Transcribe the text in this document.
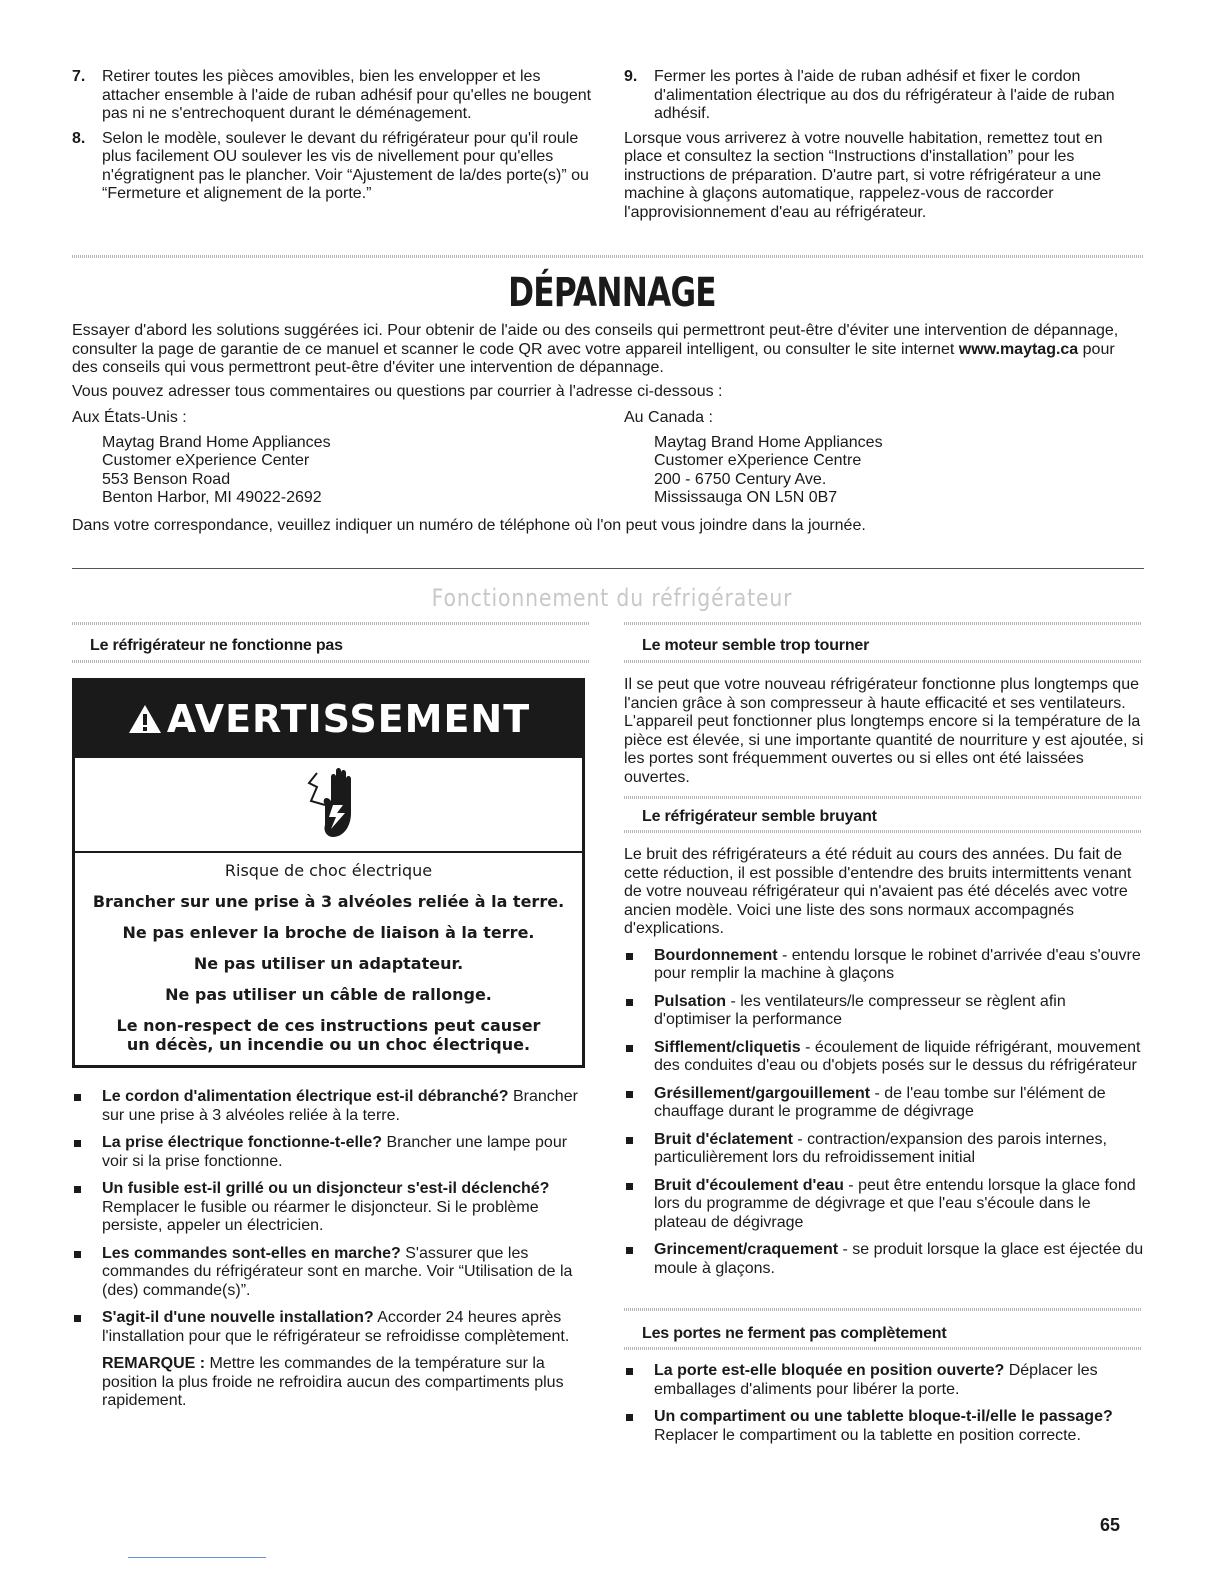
7. Retirer toutes les pièces amovibles, bien les envelopper et les attacher ensemble à l'aide de ruban adhésif pour qu'elles ne bougent pas ni ne s'entrechoquent durant le déménagement.

8. Selon le modèle, soulever le devant du réfrigérateur pour qu'il roule plus facilement OU soulever les vis de nivellement pour qu'elles n'égratignent pas le plancher. Voir “Ajustement de la/des porte(s)” ou “Fermeture et alignement de la porte.”

9. Fermer les portes à l'aide de ruban adhésif et fixer le cordon d'alimentation électrique au dos du réfrigérateur à l'aide de ruban adhésif.

Lorsque vous arriverez à votre nouvelle habitation, remettez tout en place et consultez la section “Instructions d'installation” pour les instructions de préparation. D'autre part, si votre réfrigérateur a une machine à glaçons automatique, rappelez-vous de raccorder l'approvisionnement d'eau au réfrigérateur.

DÉPANNAGE

Essayer d'abord les solutions suggérées ici. Pour obtenir de l'aide ou des conseils qui permettront peut-être d'éviter une intervention de dépannage, consulter la page de garantie de ce manuel et scanner le code QR avec votre appareil intelligent, ou consulter le site internet www.maytag.ca pour des conseils qui vous permettront peut-être d'éviter une intervention de dépannage.

Vous pouvez adresser tous commentaires ou questions par courrier à l'adresse ci-dessous :

Aux États-Unis :

Maytag Brand Home Appliances

Customer eXperience Center

553 Benson Road

Benton Harbor, MI 49022-2692

Au Canada :

Maytag Brand Home Appliances

Customer eXperience Centre

200 - 6750 Century Ave.

Mississauga ON L5N 0B7

Dans votre correspondance, veuillez indiquer un numéro de téléphone où l'on peut vous joindre dans la journée.
Fonctionnement du réfrigérateur
Le réfrigérateur ne fonctionne pas
AVERTISSEMENT
Risque de choc électrique
Brancher sur une prise à 3 alvéoles reliée à la terre.
Ne pas enlever la broche de liaison à la terre.
Ne pas utiliser un adaptateur.
Ne pas utiliser un câble de rallonge.
Le non-respect de ces instructions peut causer
un décès, un incendie ou un choc électrique.
Le cordon d'alimentation électrique est-il débranché? Brancher sur une prise à 3 alvéoles reliée à la terre.
La prise électrique fonctionne-t-elle? Brancher une lampe pour voir si la prise fonctionne.
Un fusible est-il grillé ou un disjoncteur s'est-il déclenché? Remplacer le fusible ou réarmer le disjoncteur. Si le problème persiste, appeler un électricien.
Les commandes sont-elles en marche? S'assurer que les commandes du réfrigérateur sont en marche. Voir “Utilisation de la (des) commande(s)”.
S'agit-il d'une nouvelle installation? Accorder 24 heures après l'installation pour que le réfrigérateur se refroidisse complètement.

REMARQUE : Mettre les commandes de la température sur la position la plus froide ne refroidira aucun des compartiments plus rapidement.

Le moteur semble trop tourner
Il se peut que votre nouveau réfrigérateur fonctionne plus longtemps que l'ancien grâce à son compresseur à haute efficacité et ses ventilateurs. L'appareil peut fonctionner plus longtemps encore si la température de la pièce est élevée, si une importante quantité de nourriture y est ajoutée, si les portes sont fréquemment ouvertes ou si elles ont été laissées ouvertes.
Le réfrigérateur semble bruyant

Le bruit des réfrigérateurs a été réduit au cours des années. Du fait de cette réduction, il est possible d'entendre des bruits intermittents venant de votre nouveau réfrigérateur qui n'avaient pas été décelés avec votre ancien modèle. Voici une liste des sons normaux accompagnés d'explications.

Bourdonnement - entendu lorsque le robinet d'arrivée d'eau s'ouvre pour remplir la machine à glaçons
Pulsation - les ventilateurs/le compresseur se règlent afin d'optimiser la performance
Sifflement/cliquetis - écoulement de liquide réfrigérant, mouvement des conduites d'eau ou d'objets posés sur le dessus du réfrigérateur
Grésillement/gargouillement - de l'eau tombe sur l'élément de chauffage durant le programme de dégivrage
Bruit d'éclatement - contraction/expansion des parois internes, particulièrement lors du refroidissement initial
Bruit d'écoulement d'eau - peut être entendu lorsque la glace fond lors du programme de dégivrage et que l'eau s'écoule dans le plateau de dégivrage
Grincement/craquement - se produit lorsque la glace est éjectée du moule à glaçons.
Les portes ne ferment pas complètement
La porte est-elle bloquée en position ouverte? Déplacer les emballages d'aliments pour libérer la porte.
Un compartiment ou une tablette bloque-t-il/elle le passage? Replacer le compartiment ou la tablette en position correcte.
65
